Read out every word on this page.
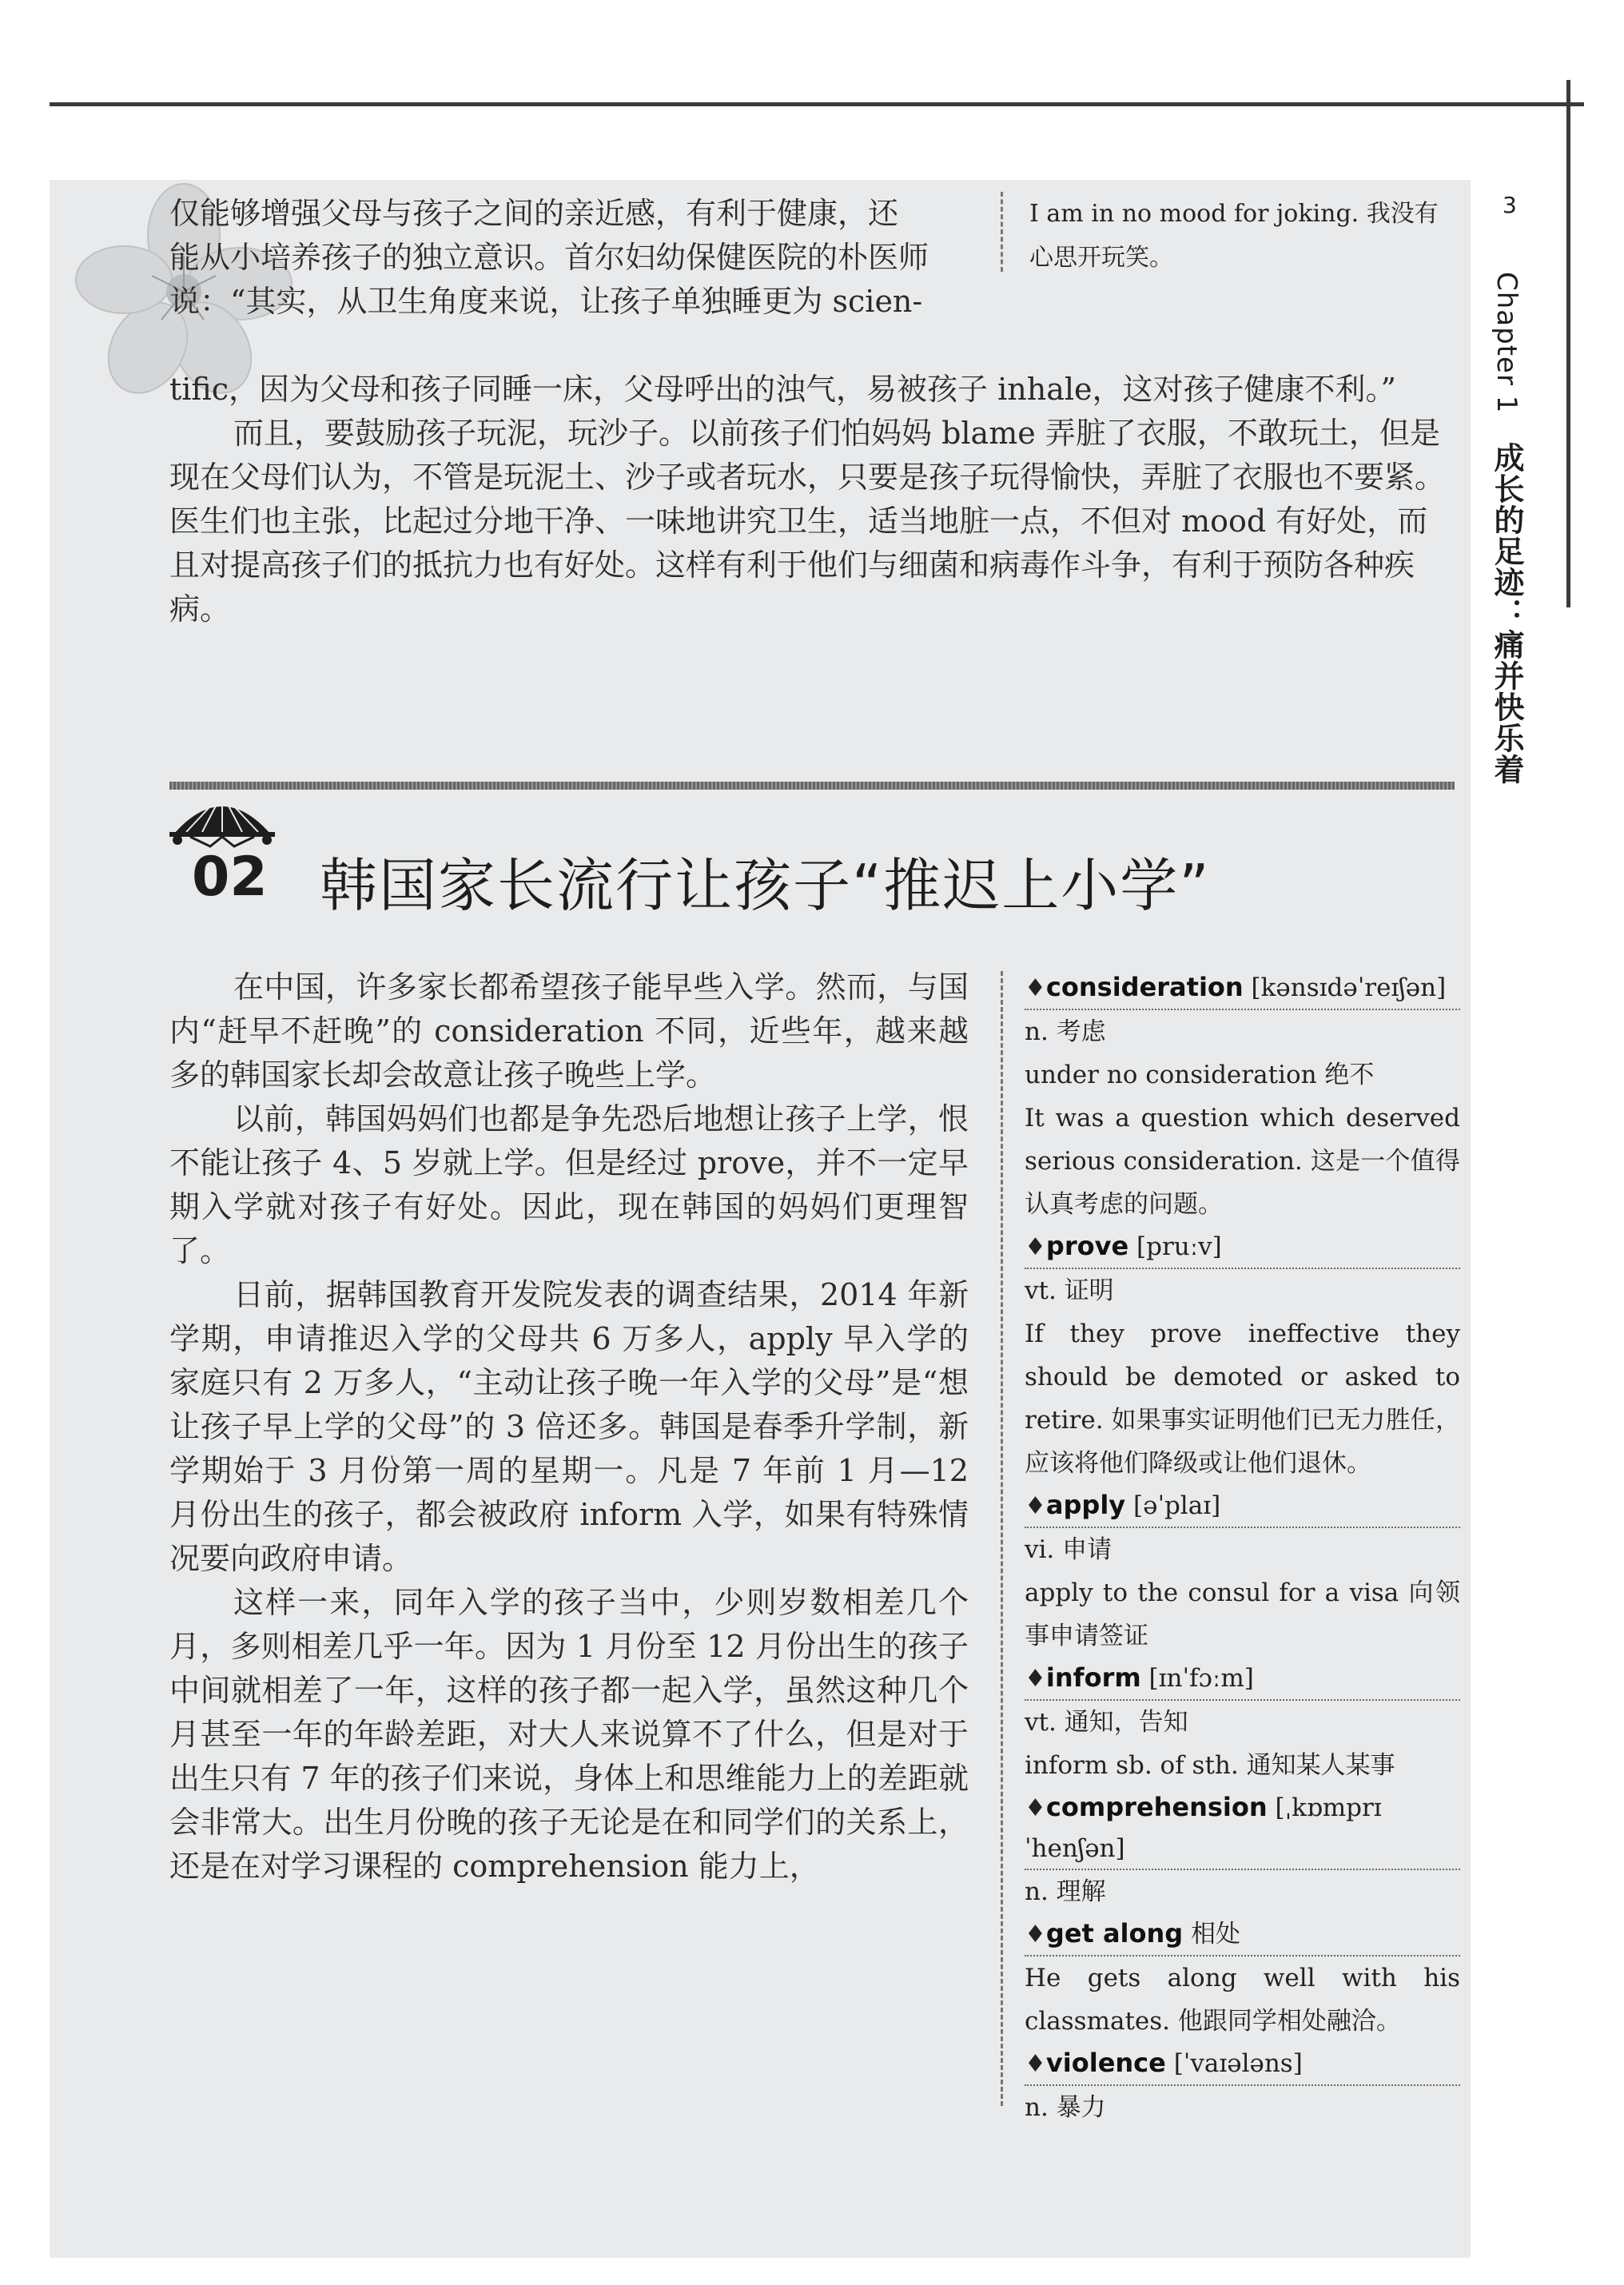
3
Chapter 1   成长的足迹：痛并快乐着
仅能够增强父母与孩子之间的亲近感，有利于健康，还
能从小培养孩子的独立意识。首尔妇幼保健医院的朴医师
说：“其实，从卫生角度来说，让孩子单独睡更为 scien-
I am in no mood for joking. 我没有心思开玩笑。
tific，因为父母和孩子同睡一床，父母呼出的浊气，易被孩子 inhale，这对孩子健康不利。”
而且，要鼓励孩子玩泥，玩沙子。以前孩子们怕妈妈 blame 弄脏了衣服，不敢玩土，但是现在父母们认为，不管是玩泥土、沙子或者玩水，只要是孩子玩得愉快，弄脏了衣服也不要紧。医生们也主张，比起过分地干净、一味地讲究卫生，适当地脏一点，不但对 mood 有好处，而且对提高孩子们的抵抗力也有好处。这样有利于他们与细菌和病毒作斗争，有利于预防各种疾病。
02 韩国家长流行让孩子“推迟上小学”
在中国，许多家长都希望孩子能早些入学。然而，与国内“赶早不赶晚”的 consideration 不同，近些年，越来越多的韩国家长却会故意让孩子晚些上学。
以前，韩国妈妈们也都是争先恐后地想让孩子上学，恨不能让孩子 4、5 岁就上学。但是经过 prove，并不一定早期入学就对孩子有好处。因此，现在韩国的妈妈们更理智了。
日前，据韩国教育开发院发表的调查结果，2014 年新学期，申请推迟入学的父母共 6 万多人，apply 早入学的家庭只有 2 万多人，“主动让孩子晚一年入学的父母”是“想让孩子早上学的父母”的 3 倍还多。韩国是春季升学制，新学期始于 3 月份第一周的星期一。凡是 7 年前 1 月—12 月份出生的孩子，都会被政府 inform 入学，如果有特殊情况要向政府申请。
这样一来，同年入学的孩子当中，少则岁数相差几个月，多则相差几乎一年。因为 1 月份至 12 月份出生的孩子中间就相差了一年，这样的孩子都一起入学，虽然这种几个月甚至一年的年龄差距，对大人来说算不了什么，但是对于出生只有 7 年的孩子们来说，身体上和思维能力上的差距就会非常大。出生月份晚的孩子无论是在和同学们的关系上，还是在对学习课程的 comprehension 能力上，
♦consideration [kənsɪdəˈreɪʃən]
n. 考虑
under no consideration 绝不
It was a question which deserved serious consideration. 这是一个值得认真考虑的问题。
♦prove [pruːv]
vt. 证明
If they prove ineffective they should be demoted or asked to retire. 如果事实证明他们已无力胜任，应该将他们降级或让他们退休。
♦apply [əˈplaɪ]
vi. 申请
apply to the consul for a visa 向领事申请签证
♦inform [ɪnˈfɔːm]
vt. 通知，告知
inform sb. of sth. 通知某人某事
♦comprehension [ˌkɒmprɪˈhenʃən]
n. 理解
♦get along 相处
He gets along well with his classmates. 他跟同学相处融洽。
♦violence [ˈvaɪələns]
n. 暴力
